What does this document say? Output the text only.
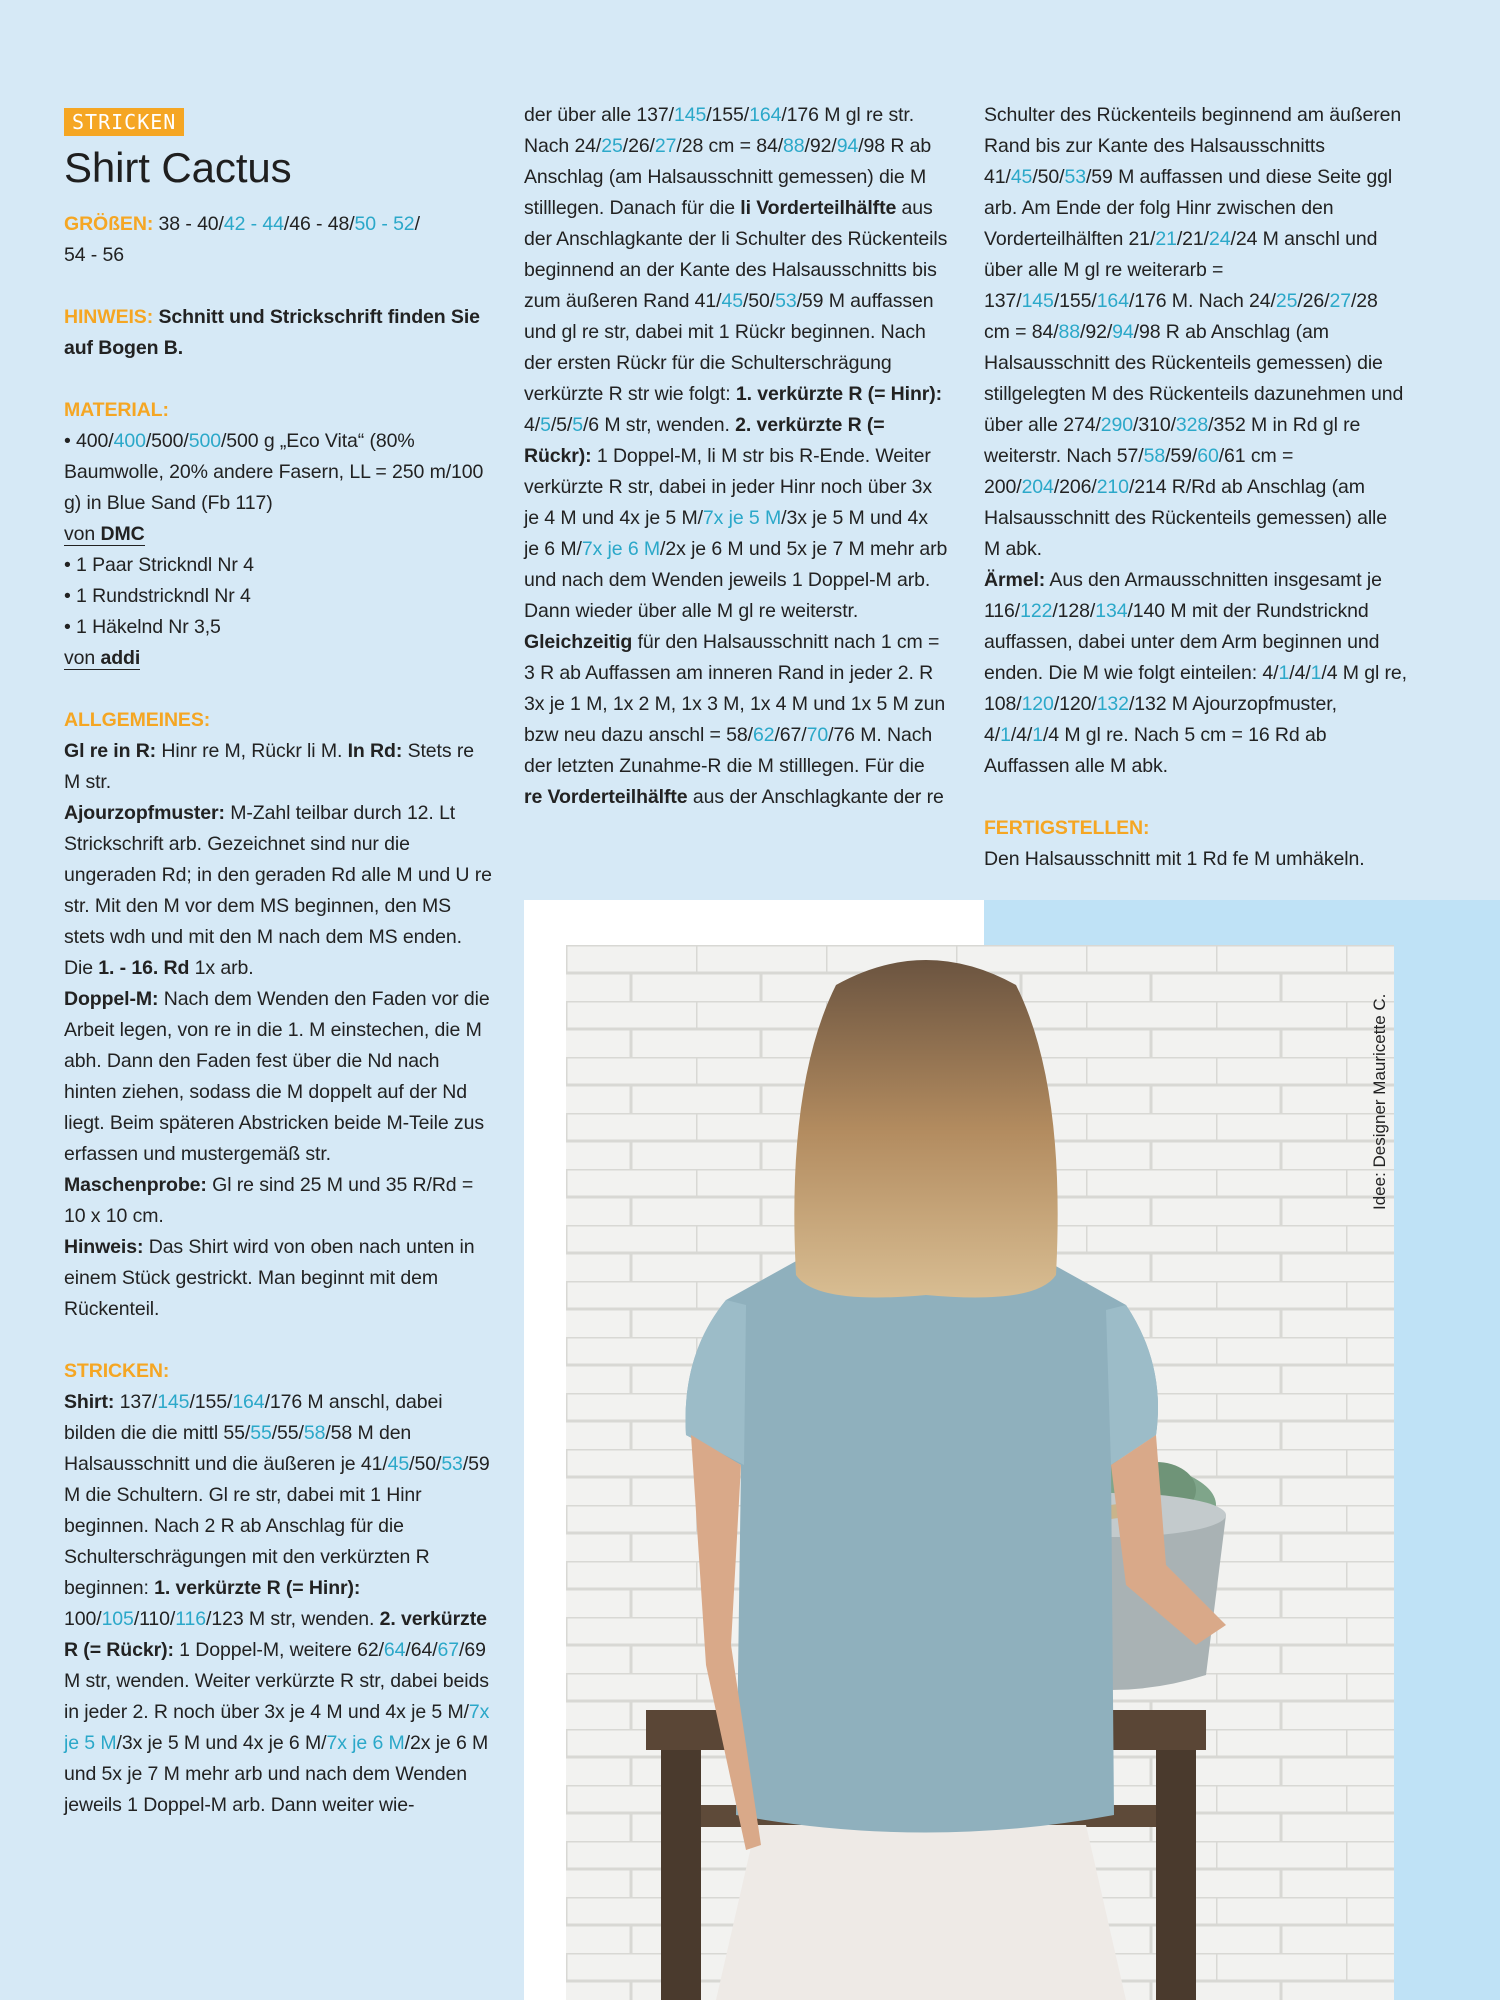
STRICKEN
Shirt Cactus

GRÖßEN: 38 - 40/42 - 44/46 - 48/50 - 52/
54 - 56

HINWEIS: Schnitt und Strickschrift finden Sie auf Bogen B.

MATERIAL:

• 400/400/500/500/500 g „Eco Vita“ (80% Baumwolle, 20% andere Fasern, LL = 250 m/100 g) in Blue Sand (Fb 117)

von DMC

• 1 Paar Strickndl Nr 4
• 1 Rundstrickndl Nr 4
• 1 Häkelnd Nr 3,5

von addi

ALLGEMEINES:

Gl re in R: Hinr re M, Rückr li M. In Rd: Stets re M str.

Ajourzopfmuster: M-Zahl teilbar durch 12. Lt Strickschrift arb. Gezeichnet sind nur die ungeraden Rd; in den geraden Rd alle M und U re str. Mit den M vor dem MS beginnen, den MS stets wdh und mit den M nach dem MS enden. Die 1. - 16. Rd 1x arb.

Doppel-M: Nach dem Wenden den Faden vor die Arbeit legen, von re in die 1. M einstechen, die M abh. Dann den Faden fest über die Nd nach hinten ziehen, sodass die M doppelt auf der Nd liegt. Beim späteren Abstricken beide M-Teile zus erfassen und mustergemäß str.

Maschenprobe: Gl re sind 25 M und 35 R/Rd = 10 x 10 cm.

Hinweis: Das Shirt wird von oben nach unten in einem Stück gestrickt. Man beginnt mit dem Rückenteil.

STRICKEN:

Shirt: 137/145/155/164/176 M anschl, dabei bilden die die mittl 55/55/55/58/58 M den Halsausschnitt und die äußeren je 41/45/50/53/59 M die Schultern. Gl re str, dabei mit 1 Hinr beginnen. Nach 2 R ab Anschlag für die Schulterschrägungen mit den verkürzten R beginnen: 1. verkürzte R (= Hinr): 100/105/110/116/123 M str, wenden. 2. verkürzte R (= Rückr): 1 Doppel-M, weitere 62/64/64/67/69 M str, wenden. Weiter verkürzte R str, dabei beids in jeder 2. R noch über 3x je 4 M und 4x je 5 M/7x je 5 M/3x je 5 M und 4x je 6 M/7x je 6 M/2x je 6 M und 5x je 7 M mehr arb und nach dem Wenden jeweils 1 Doppel-M arb. Dann weiter wie-

der über alle 137/145/155/164/176 M gl re str. Nach 24/25/26/27/28 cm = 84/88/92/94/98 R ab Anschlag (am Halsausschnitt gemessen) die M stilllegen. Danach für die li Vorderteilhälfte aus der Anschlagkante der li Schulter des Rückenteils beginnend an der Kante des Halsausschnitts bis zum äußeren Rand 41/45/50/53/59 M auffassen und gl re str, dabei mit 1 Rückr beginnen. Nach der ersten Rückr für die Schulterschrägung verkürzte R str wie folgt: 1. verkürzte R (= Hinr): 4/5/5/5/6 M str, wenden. 2. verkürzte R (= Rückr): 1 Doppel-M, li M str bis R-Ende. Weiter verkürzte R str, dabei in jeder Hinr noch über 3x je 4 M und 4x je 5 M/7x je 5 M/3x je 5 M und 4x je 6 M/7x je 6 M/2x je 6 M und 5x je 7 M mehr arb und nach dem Wenden jeweils 1 Doppel-M arb. Dann wieder über alle M gl re weiterstr. Gleichzeitig für den Halsausschnitt nach 1 cm = 3 R ab Auffassen am inneren Rand in jeder 2. R 3x je 1 M, 1x 2 M, 1x 3 M, 1x 4 M und 1x 5 M zun bzw neu dazu anschl = 58/62/67/70/76 M. Nach der letzten Zunahme-R die M stilllegen. Für die re Vorderteilhälfte aus der Anschlagkante der re

Schulter des Rückenteils beginnend am äußeren Rand bis zur Kante des Halsausschnitts 41/45/50/53/59 M auffassen und diese Seite ggl arb. Am Ende der folg Hinr zwischen den Vorderteilhälften 21/21/21/24/24 M anschl und über alle M gl re weiterarb = 137/145/155/164/176 M. Nach 24/25/26/27/28 cm = 84/88/92/94/98 R ab Anschlag (am Halsausschnitt des Rückenteils gemessen) die stillgelegten M des Rückenteils dazunehmen und über alle 274/290/310/328/352 M in Rd gl re weiterstr. Nach 57/58/59/60/61 cm = 200/204/206/210/214 R/Rd ab Anschlag (am Halsausschnitt des Rückenteils gemessen) alle M abk.

Ärmel: Aus den Armausschnitten insgesamt je 116/122/128/134/140 M mit der Rundstricknd auffassen, dabei unter dem Arm beginnen und enden. Die M wie folgt einteilen: 4/1/4/1/4 M gl re, 108/120/120/132/132 M Ajourzopfmuster, 4/1/4/1/4 M gl re. Nach 5 cm = 16 Rd ab Auffassen alle M abk.

FERTIGSTELLEN:

Den Halsausschnitt mit 1 Rd fe M umhäkeln.

Idee: Designer Mauricette C.
